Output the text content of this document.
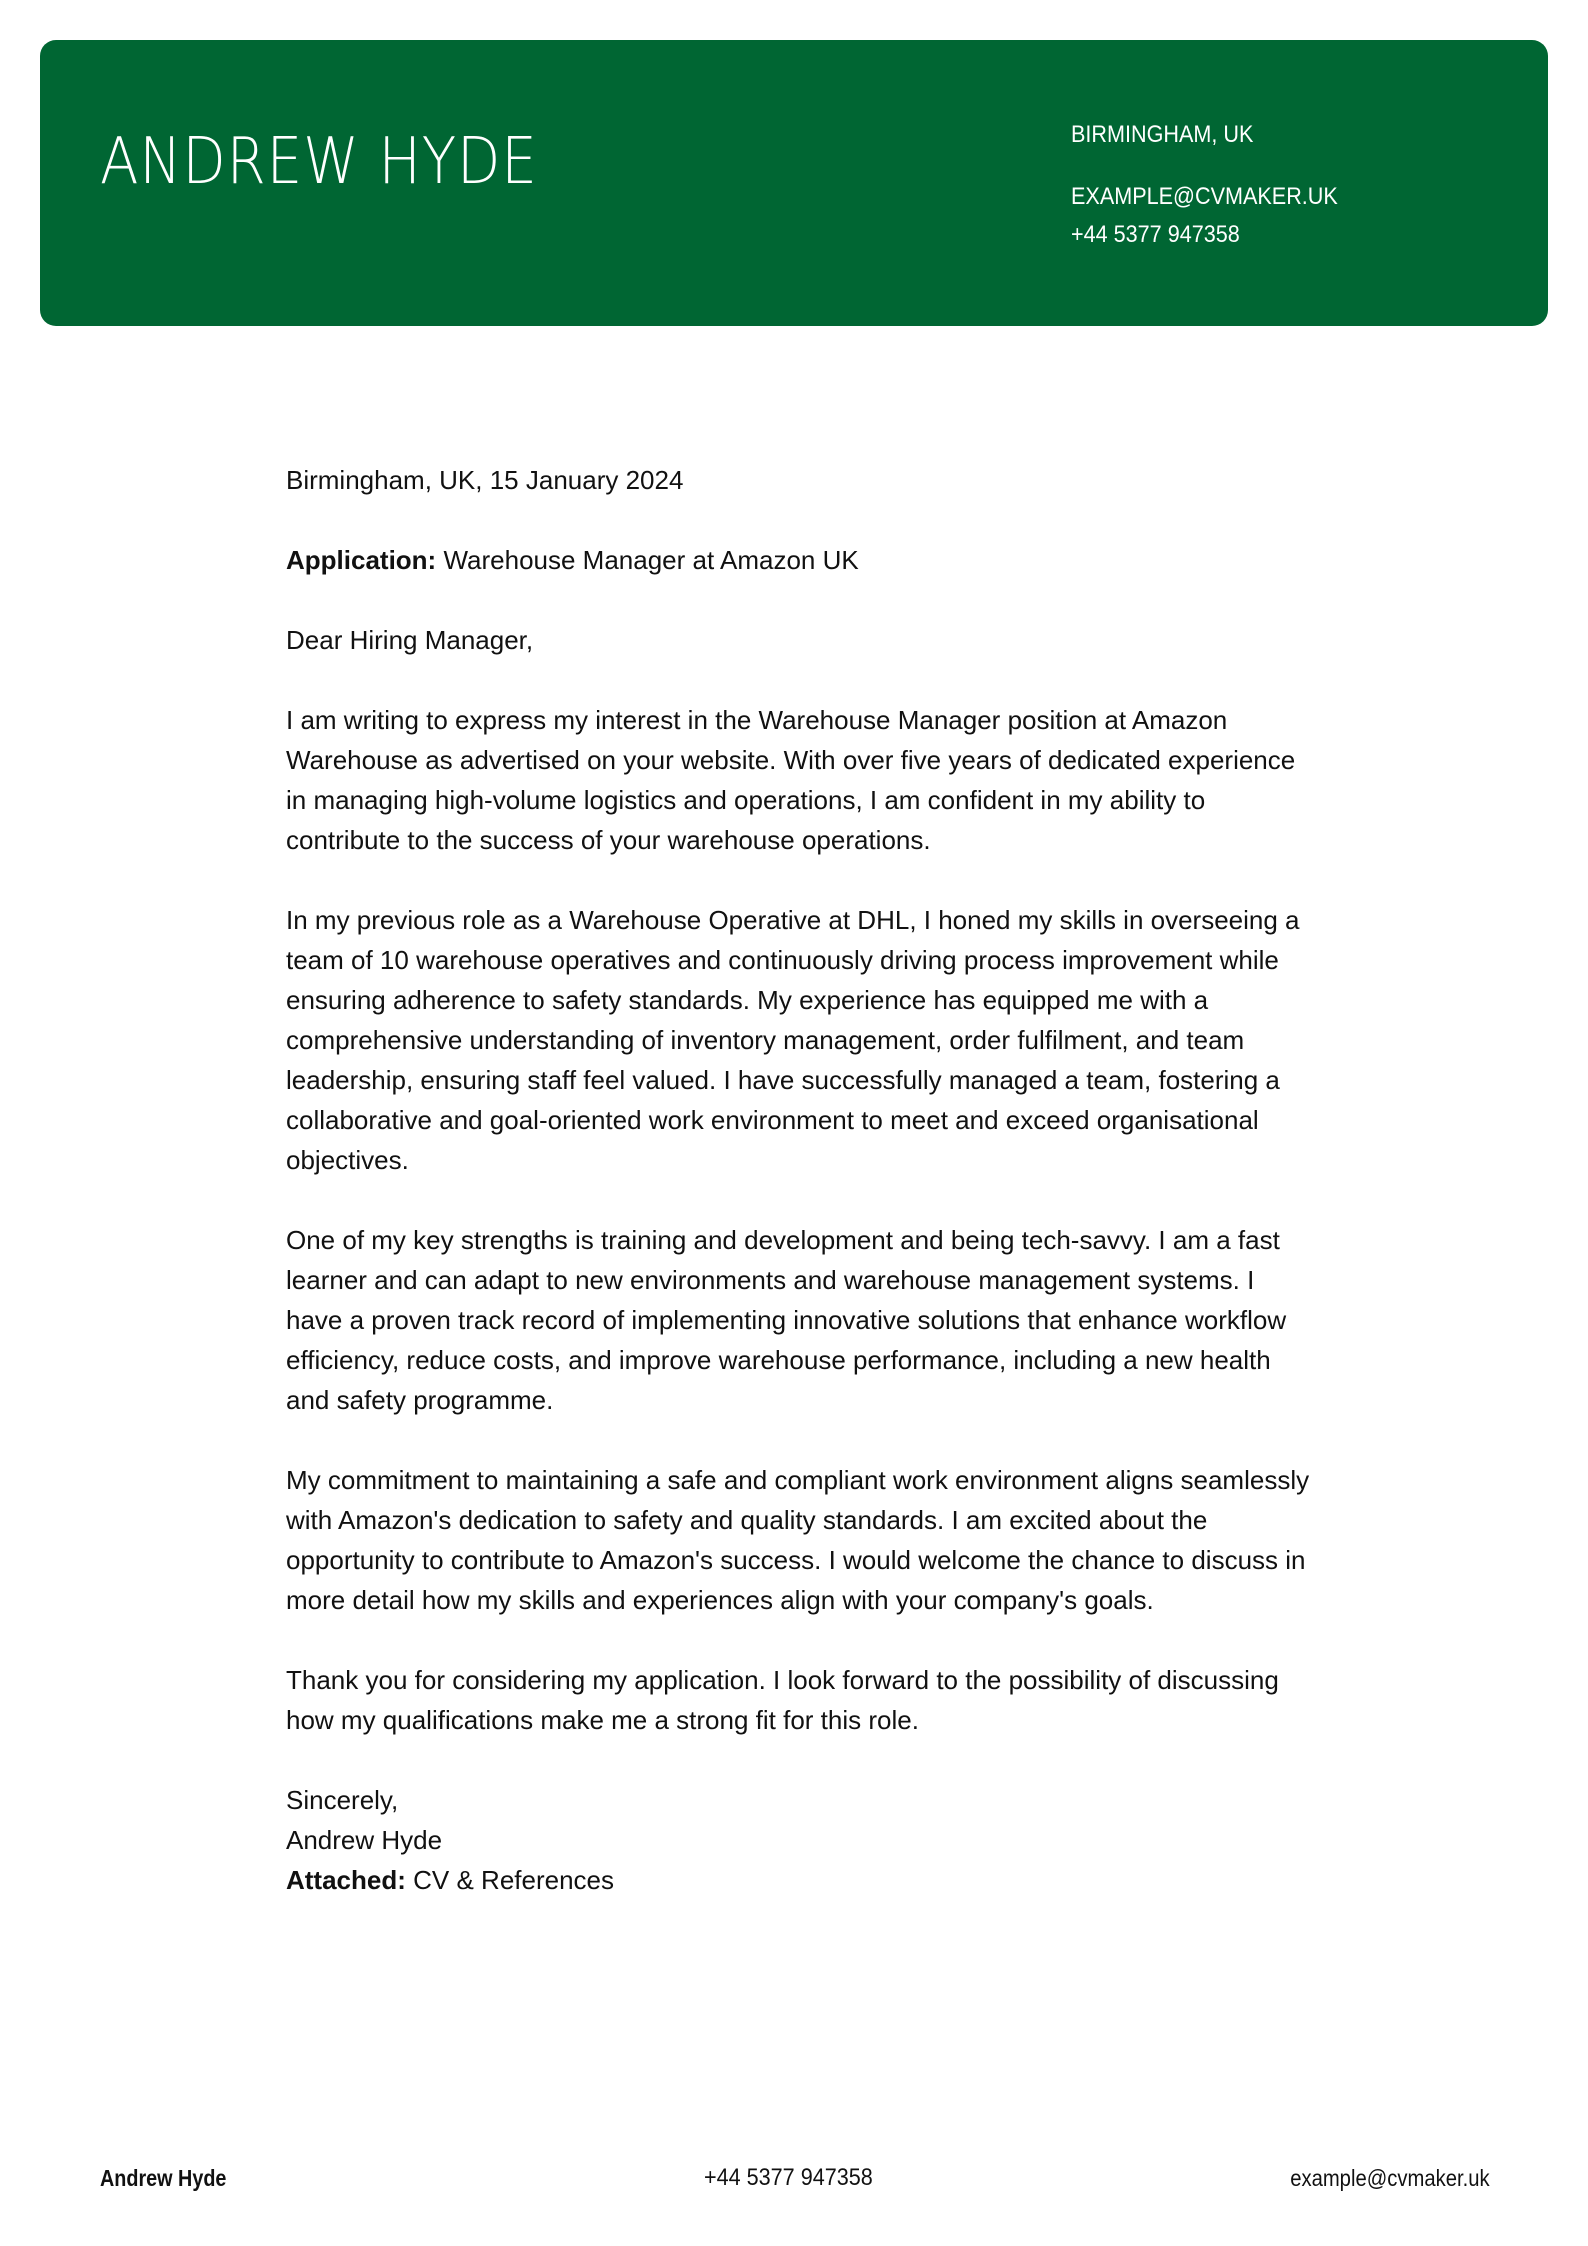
ANDREW HYDE	BIRMINGHAM, UK
EXAMPLE@CVMAKER.UK
+44 5377 947358

Birmingham, UK, 15 January 2024

Application: Warehouse Manager at Amazon UK

Dear Hiring Manager,

I am writing to express my interest in the Warehouse Manager position at Amazon Warehouse as advertised on your website. With over five years of dedicated experience in managing high-volume logistics and operations, I am confident in my ability to contribute to the success of your warehouse operations.

In my previous role as a Warehouse Operative at DHL, I honed my skills in overseeing a team of 10 warehouse operatives and continuously driving process improvement while ensuring adherence to safety standards. My experience has equipped me with a comprehensive understanding of inventory management, order fulfilment, and team leadership, ensuring staff feel valued. I have successfully managed a team, fostering a collaborative and goal-oriented work environment to meet and exceed organisational objectives.

One of my key strengths is training and development and being tech-savvy. I am a fast learner and can adapt to new environments and warehouse management systems. I have a proven track record of implementing innovative solutions that enhance workflow efficiency, reduce costs, and improve warehouse performance, including a new health and safety programme.

My commitment to maintaining a safe and compliant work environment aligns seamlessly with Amazon's dedication to safety and quality standards. I am excited about the opportunity to contribute to Amazon's success. I would welcome the chance to discuss in more detail how my skills and experiences align with your company's goals.

Thank you for considering my application. I look forward to the possibility of discussing how my qualifications make me a strong fit for this role.

Sincerely,

Andrew Hyde

Attached: CV & References

Andrew Hyde	+44 5377 947358	example@cvmaker.uk
